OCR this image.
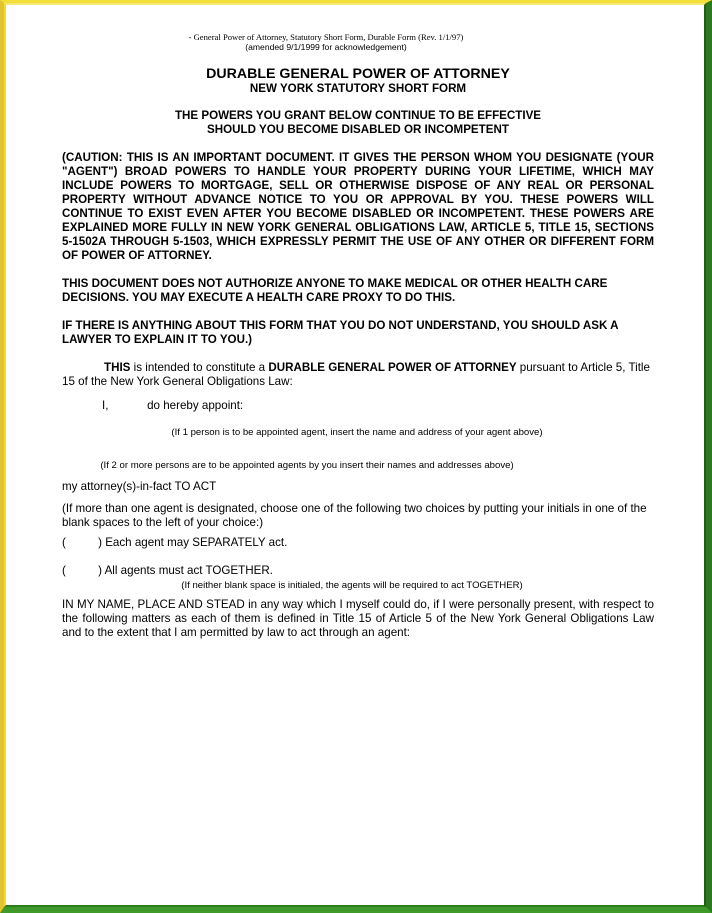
- General Power of Attorney, Statutory Short Form, Durable Form (Rev. 1/1/97)
(amended 9/1/1999 for acknowledgement)
DURABLE GENERAL POWER OF ATTORNEY
NEW YORK STATUTORY SHORT FORM
THE POWERS YOU GRANT BELOW CONTINUE TO BE EFFECTIVE
SHOULD YOU BECOME DISABLED OR INCOMPETENT
(CAUTION: THIS IS AN IMPORTANT DOCUMENT. IT GIVES THE PERSON WHOM YOU DESIGNATE (YOUR "AGENT") BROAD POWERS TO HANDLE YOUR PROPERTY DURING YOUR LIFETIME, WHICH MAY INCLUDE POWERS TO MORTGAGE, SELL OR OTHERWISE DISPOSE OF ANY REAL OR PERSONAL PROPERTY WITHOUT ADVANCE NOTICE TO YOU OR APPROVAL BY YOU. THESE POWERS WILL CONTINUE TO EXIST EVEN AFTER YOU BECOME DISABLED OR INCOMPETENT. THESE POWERS ARE EXPLAINED MORE FULLY IN NEW YORK GENERAL OBLIGATIONS LAW, ARTICLE 5, TITLE 15, SECTIONS 5-1502A THROUGH 5-1503, WHICH EXPRESSLY PERMIT THE USE OF ANY OTHER OR DIFFERENT FORM OF POWER OF ATTORNEY.
THIS DOCUMENT DOES NOT AUTHORIZE ANYONE TO MAKE MEDICAL OR OTHER HEALTH CARE DECISIONS. YOU MAY EXECUTE A HEALTH CARE PROXY TO DO THIS.
IF THERE IS ANYTHING ABOUT THIS FORM THAT YOU DO NOT UNDERSTAND, YOU SHOULD ASK A LAWYER TO EXPLAIN IT TO YOU.)
THIS is intended to constitute a DURABLE GENERAL POWER OF ATTORNEY pursuant to Article 5, Title 15 of the New York General Obligations Law:
I,	do hereby appoint:
(If 1 person is to be appointed agent, insert the name and address of your agent above)
(If 2 or more persons are to be appointed agents by you insert their names and addresses above)
my attorney(s)-in-fact TO ACT
(If more than one agent is designated, choose one of the following two choices by putting your initials in one of the blank spaces to the left of your choice:)
(	) Each agent may SEPARATELY act.
(	) All agents must act TOGETHER.
(If neither blank space is initialed, the agents will be required to act TOGETHER)
IN MY NAME, PLACE AND STEAD in any way which I myself could do, if I were personally present, with respect to the following matters as each of them is defined in Title 15 of Article 5 of the New York General Obligations Law and to the extent that I am permitted by law to act through an agent:
